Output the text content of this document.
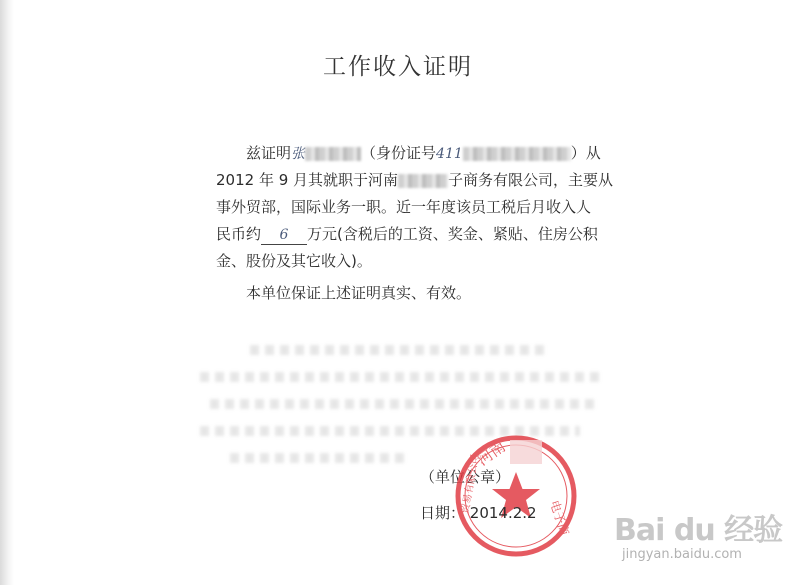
工作收入证明
兹证明张	（身份证号411	）从
2012 年 9 月其就职于河南	子商务有限公司，主要从
事外贸部，国际业务一职。近一年度该员工税后月收入人
民币约 6 万元(含税后的工资、奖金、紧贴、住房公积
金、股份及其它收入)。
本单位保证上述证明真实、有效。
（单位公章）
河南
电子商
贸易有限公司
日期： 2014.2.2	Bai du 经验
jingyan.baidu.com
